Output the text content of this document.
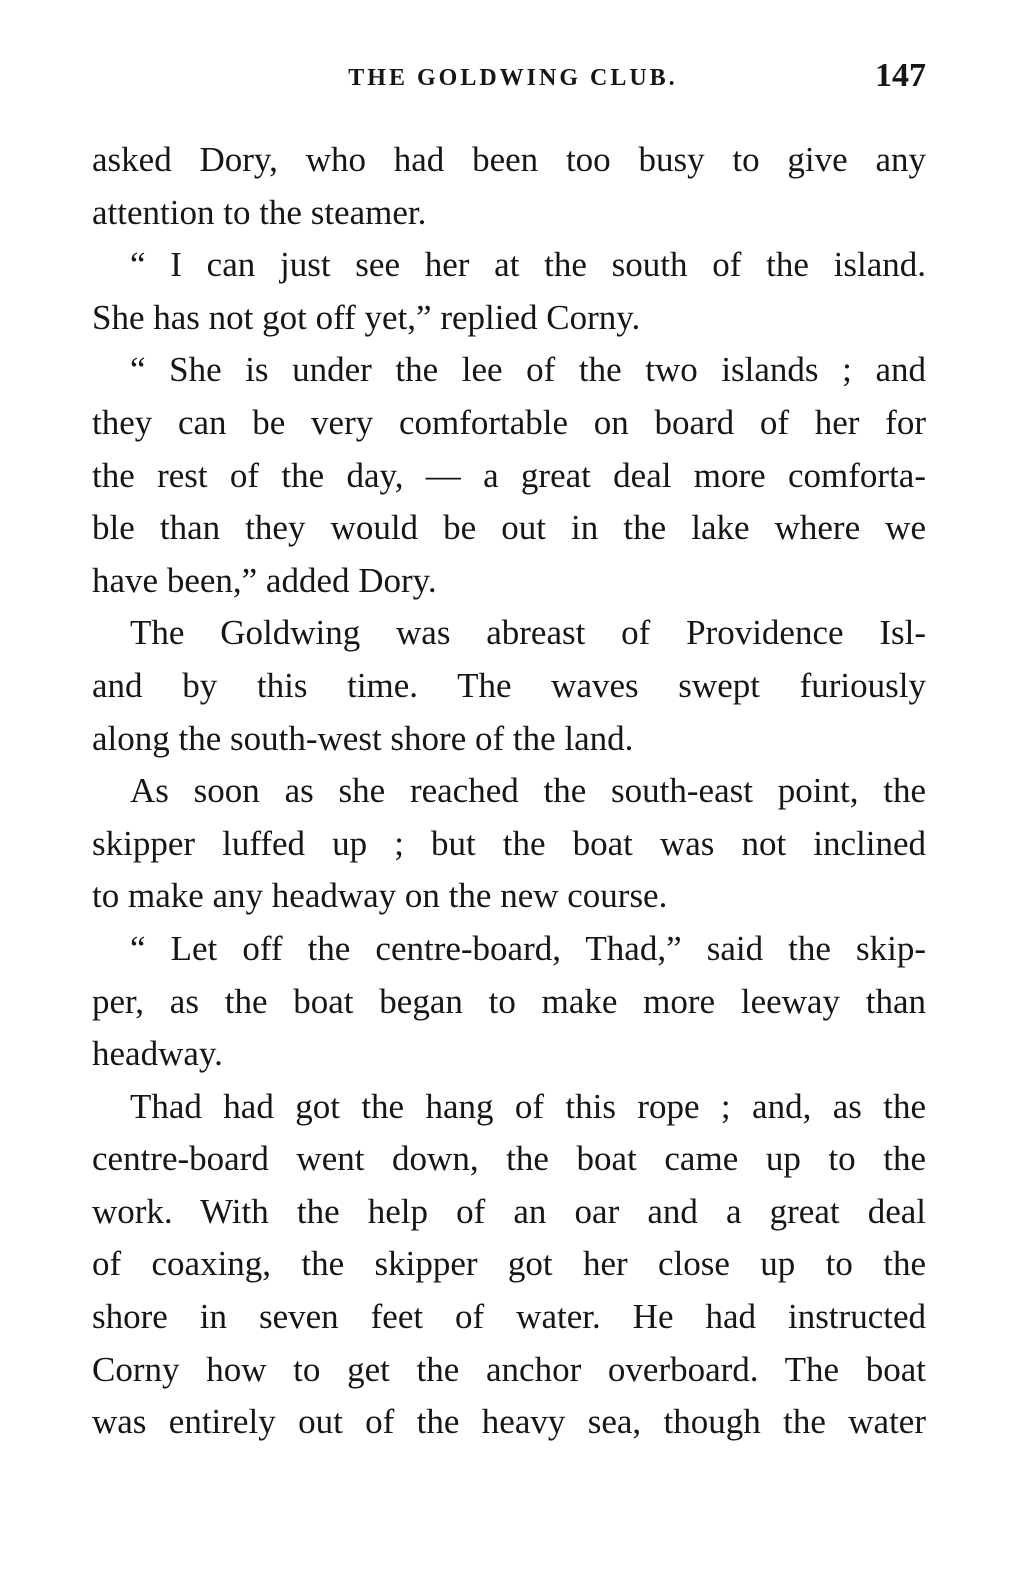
THE GOLDWING CLUB.	147
asked Dory, who had been too busy to give any
attention to the steamer.
“ I can just see her at the south of the island.
She has not got off yet,” replied Corny.
“ She is under the lee of the two islands ; and
they can be very comfortable on board of her for
the rest of the day, — a great deal more comforta-
ble than they would be out in the lake where we
have been,” added Dory.
The Goldwing was abreast of Providence Isl-
and by this time. The waves swept furiously
along the south-west shore of the land.
As soon as she reached the south-east point, the
skipper luffed up ; but the boat was not inclined
to make any headway on the new course.
“ Let off the centre-board, Thad,” said the skip-
per, as the boat began to make more leeway than
headway.
Thad had got the hang of this rope ; and, as the
centre-board went down, the boat came up to the
work. With the help of an oar and a great deal
of coaxing, the skipper got her close up to the
shore in seven feet of water. He had instructed
Corny how to get the anchor overboard. The boat
was entirely out of the heavy sea, though the water
